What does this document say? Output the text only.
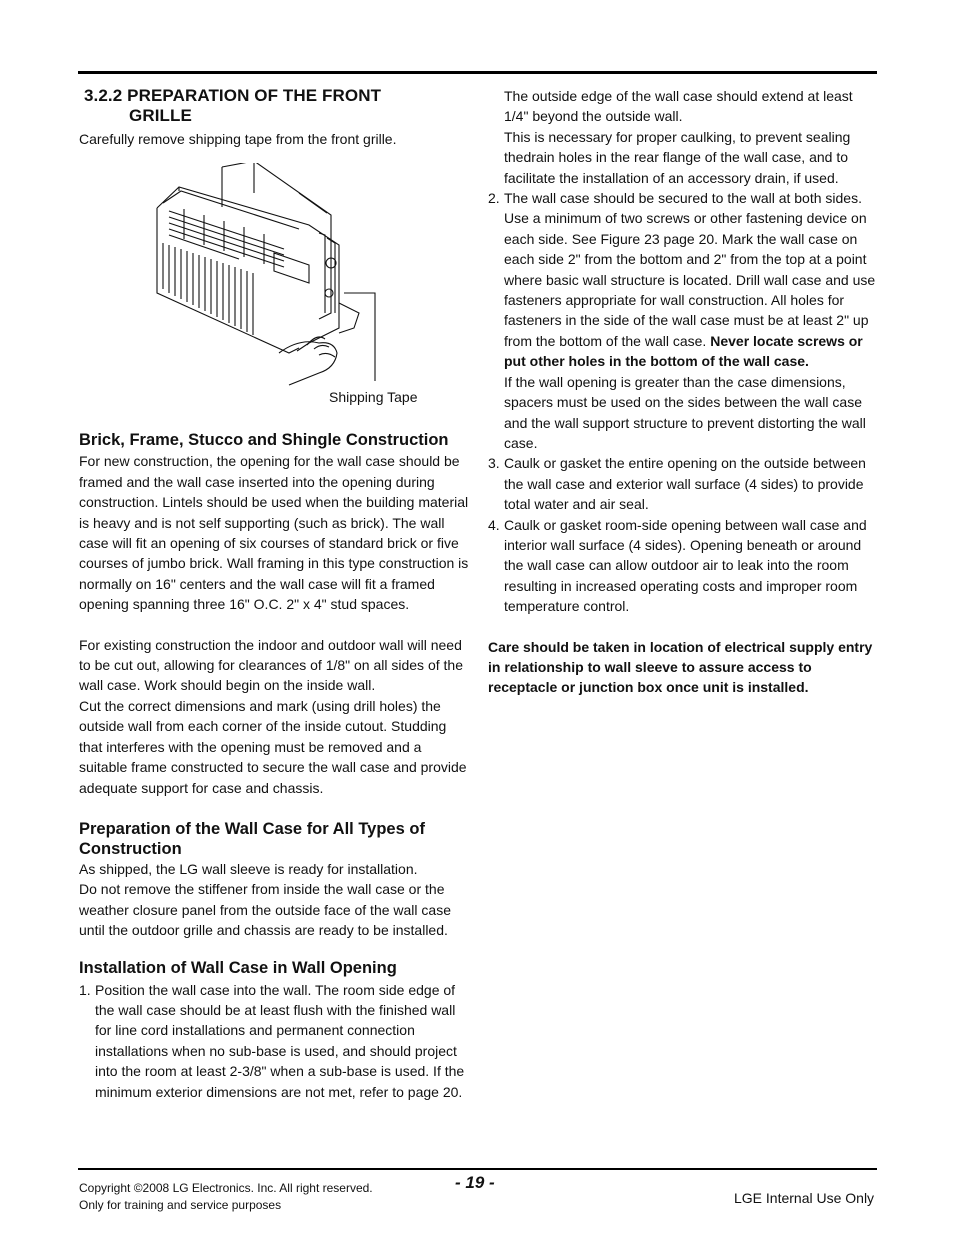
3.2.2 PREPARATION OF THE FRONT
GRILLE

Carefully remove shipping tape from the front grille.

Shipping Tape
Brick, Frame, Stucco and Shingle Construction

For new construction, the opening for the wall case should be framed and the wall case inserted into the opening during construction. Lintels should be used when the building material is heavy and is not self supporting (such as brick). The wall case will fit an opening of six courses of standard brick or five courses of jumbo brick. Wall framing in this type construction is normally on 16" centers and the wall case will fit a framed opening spanning three 16" O.C. 2" x 4" stud spaces.

For existing construction the indoor and outdoor wall will need to be cut out, allowing for clearances of 1/8" on all sides of the wall case. Work should begin on the inside wall.

Cut the correct dimensions and mark (using drill holes) the outside wall from each corner of the inside cutout. Studding that interferes with the opening must be removed and a suitable frame constructed to secure the wall case and provide adequate support for case and chassis.

Preparation of the Wall Case for All Types of Construction

As shipped, the LG wall sleeve is ready for installation.

Do not remove the stiffener from inside the wall case or the weather closure panel from the outside face of the wall case until the outdoor grille and chassis are ready to be installed.

Installation of Wall Case in Wall Opening
1. Position the wall case into the wall. The room side edge of the wall case should be at least flush with the finished wall for line cord installations and permanent connection installations when no sub-base is used, and should project into the room at least 2-3/8" when a sub-base is used. If the minimum exterior dimensions are not met, refer to page 20.

The outside edge of the wall case should extend at least 1/4" beyond the outside wall.

This is necessary for proper caulking, to prevent sealing thedrain holes in the rear flange of the wall case, and to facilitate the installation of an accessory drain, if used.

2. The wall case should be secured to the wall at both sides. Use a minimum of two screws or other fastening device on each side. See Figure 23 page 20. Mark the wall case on each side 2" from the bottom and 2" from the top at a point where basic wall structure is located. Drill wall case and use fasteners appropriate for wall construction. All holes for fasteners in the side of the wall case must be at least 2" up from the bottom of the wall case. Never locate screws or put other holes in the bottom of the wall case.

If the wall opening is greater than the case dimensions, spacers must be used on the sides between the wall case and the wall support structure to prevent distorting the wall case.

3. Caulk or gasket the entire opening on the outside between the wall case and exterior wall surface (4 sides) to provide total water and air seal.
4. Caulk or gasket room-side opening between wall case and interior wall surface (4 sides). Opening beneath or around the wall case can allow outdoor air to leak into the room resulting in increased operating costs and improper room temperature control.

Care should be taken in location of electrical supply entry in relationship to wall sleeve to assure access to receptacle or junction box once unit is installed.

Copyright ©2008 LG Electronics. Inc. All right reserved.
Only for training and service purposes
- 19 -
LGE Internal Use Only
